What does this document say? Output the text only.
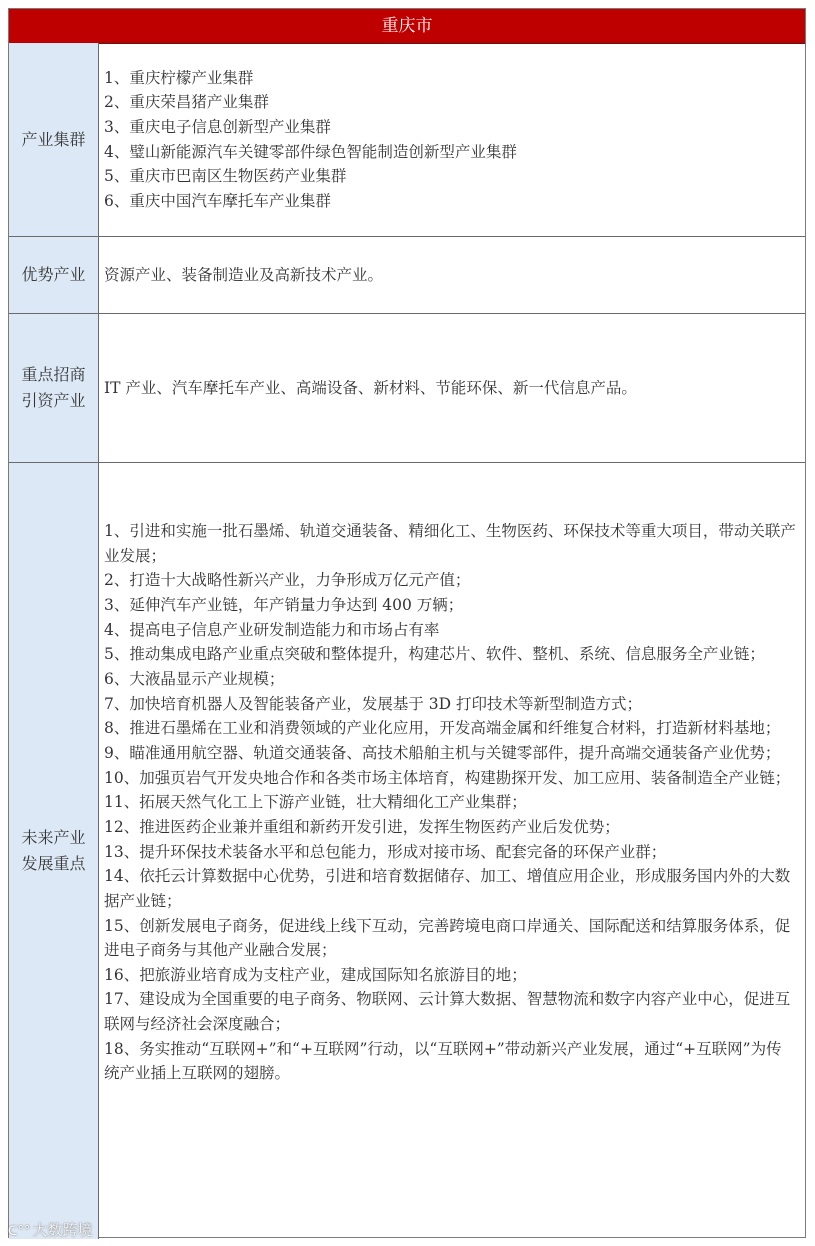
重庆市
产业集群
1、重庆柠檬产业集群
2、重庆荣昌猪产业集群
3、重庆电子信息创新型产业集群
4、璧山新能源汽车关键零部件绿色智能制造创新型产业集群
5、重庆市巴南区生物医药产业集群
6、重庆中国汽车摩托车产业集群
优势产业	资源产业、装备制造业及高新技术产业。
重点招商
引资产业
IT 产业、汽车摩托车产业、高端设备、新材料、节能环保、新一代信息产品。
未来产业
发展重点
1、引进和实施一批石墨烯、轨道交通装备、精细化工、生物医药、环保技术等重大项目，带动关联产业发展；
2、打造十大战略性新兴产业，力争形成万亿元产值；
3、延伸汽车产业链，年产销量力争达到 400 万辆；
4、提高电子信息产业研发制造能力和市场占有率
5、推动集成电路产业重点突破和整体提升，构建芯片、软件、整机、系统、信息服务全产业链；
6、大液晶显示产业规模；
7、加快培育机器人及智能装备产业，发展基于 3D 打印技术等新型制造方式；
8、推进石墨烯在工业和消费领域的产业化应用，开发高端金属和纤维复合材料，打造新材料基地；
9、瞄准通用航空器、轨道交通装备、高技术船舶主机与关键零部件，提升高端交通装备产业优势；
10、加强页岩气开发央地合作和各类市场主体培育，构建勘探开发、加工应用、装备制造全产业链；
11、拓展天然气化工上下游产业链，壮大精细化工产业集群；
12、推进医药企业兼并重组和新药开发引进，发挥生物医药产业后发优势；
13、提升环保技术装备水平和总包能力，形成对接市场、配套完备的环保产业群；
14、依托云计算数据中心优势，引进和培育数据储存、加工、增值应用企业，形成服务国内外的大数据产业链；
15、创新发展电子商务，促进线上线下互动，完善跨境电商口岸通关、国际配送和结算服务体系，促进电子商务与其他产业融合发展；
16、把旅游业培育成为支柱产业，建成国际知名旅游目的地；
17、建设成为全国重要的电子商务、物联网、云计算大数据、智慧物流和数字内容产业中心，促进互联网与经济社会深度融合；
18、务实推动“互联网+”和“+互联网”行动，以“互联网+”带动新兴产业发展，通过“+互联网”为传统产业插上互联网的翅膀。
ᑕ°° 大数跨境
